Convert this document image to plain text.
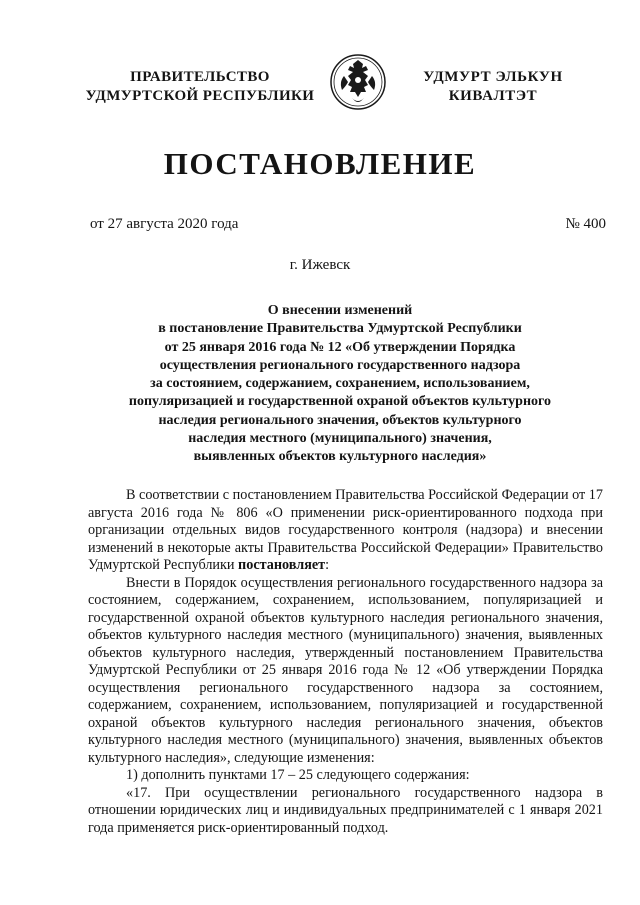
ПРАВИТЕЛЬСТВО
УДМУРТСКОЙ РЕСПУБЛИКИ
УДМУРТ ЭЛЬКУН
КИВАЛТЭТ
ПОСТАНОВЛЕНИЕ
от 27 августа 2020 года	№ 400
г. Ижевск
О внесении изменений
в постановление Правительства Удмуртской Республики
от 25 января 2016 года № 12 «Об утверждении Порядка
осуществления регионального государственного надзора
за состоянием, содержанием, сохранением, использованием,
популяризацией и государственной охраной объектов культурного
наследия регионального значения, объектов культурного
наследия местного (муниципального) значения,
выявленных объектов культурного наследия»

В соответствии с постановлением Правительства Российской Федерации от 17 августа 2016 года № 806 «О применении риск-ориентированного подхода при организации отдельных видов государственного контроля (надзора) и внесении изменений в некоторые акты Правительства Российской Федерации» Правительство Удмуртской Республики постановляет:

Внести в Порядок осуществления регионального государственного надзора за состоянием, содержанием, сохранением, использованием, популяризацией и государственной охраной объектов культурного наследия регионального значения, объектов культурного наследия местного (муниципального) значения, выявленных объектов культурного наследия, утвержденный постановлением Правительства Удмуртской Республики от 25 января 2016 года № 12 «Об утверждении Порядка осуществления регионального государственного надзора за состоянием, содержанием, сохранением, использованием, популяризацией и государственной охраной объектов культурного наследия регионального значения, объектов культурного наследия местного (муниципального) значения, выявленных объектов культурного наследия», следующие изменения:

1) дополнить пунктами 17 – 25 следующего содержания:

«17. При осуществлении регионального государственного надзора в отношении юридических лиц и индивидуальных предпринимателей с 1 января 2021 года применяется риск-ориентированный подход.
